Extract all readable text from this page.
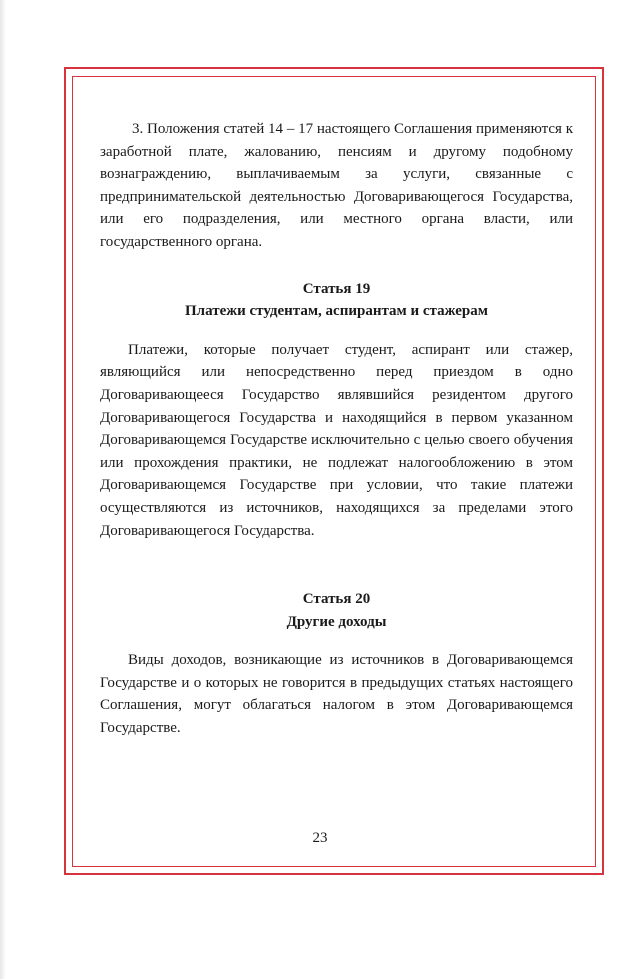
3. Положения статей 14 – 17 настоящего Соглашения применяются к заработной плате, жалованию, пенсиям и другому подобному вознаграждению, выплачиваемым за услуги, связанные с предпринимательской деятельностью Договаривающегося Государства, или его подразделения, или местного органа власти, или государственного органа.

Статья 19

Платежи студентам, аспирантам и стажерам

Платежи, которые получает студент, аспирант или стажер, являющийся или непосредственно перед приездом в одно Договаривающееся Государство являвшийся резидентом другого Договаривающегося Государства и находящийся в первом указанном Договаривающемся Государстве исключительно с целью своего обучения или прохождения практики, не подлежат налогообложению в этом Договаривающемся Государстве при условии, что такие платежи осуществляются из источников, находящихся за пределами этого Договаривающегося Государства.

Статья 20

Другие доходы

Виды доходов, возникающие из источников в Договаривающемся Государстве и о которых не говорится в предыдущих статьях настоящего Соглашения, могут облагаться налогом в этом Договаривающемся Государстве.

23
